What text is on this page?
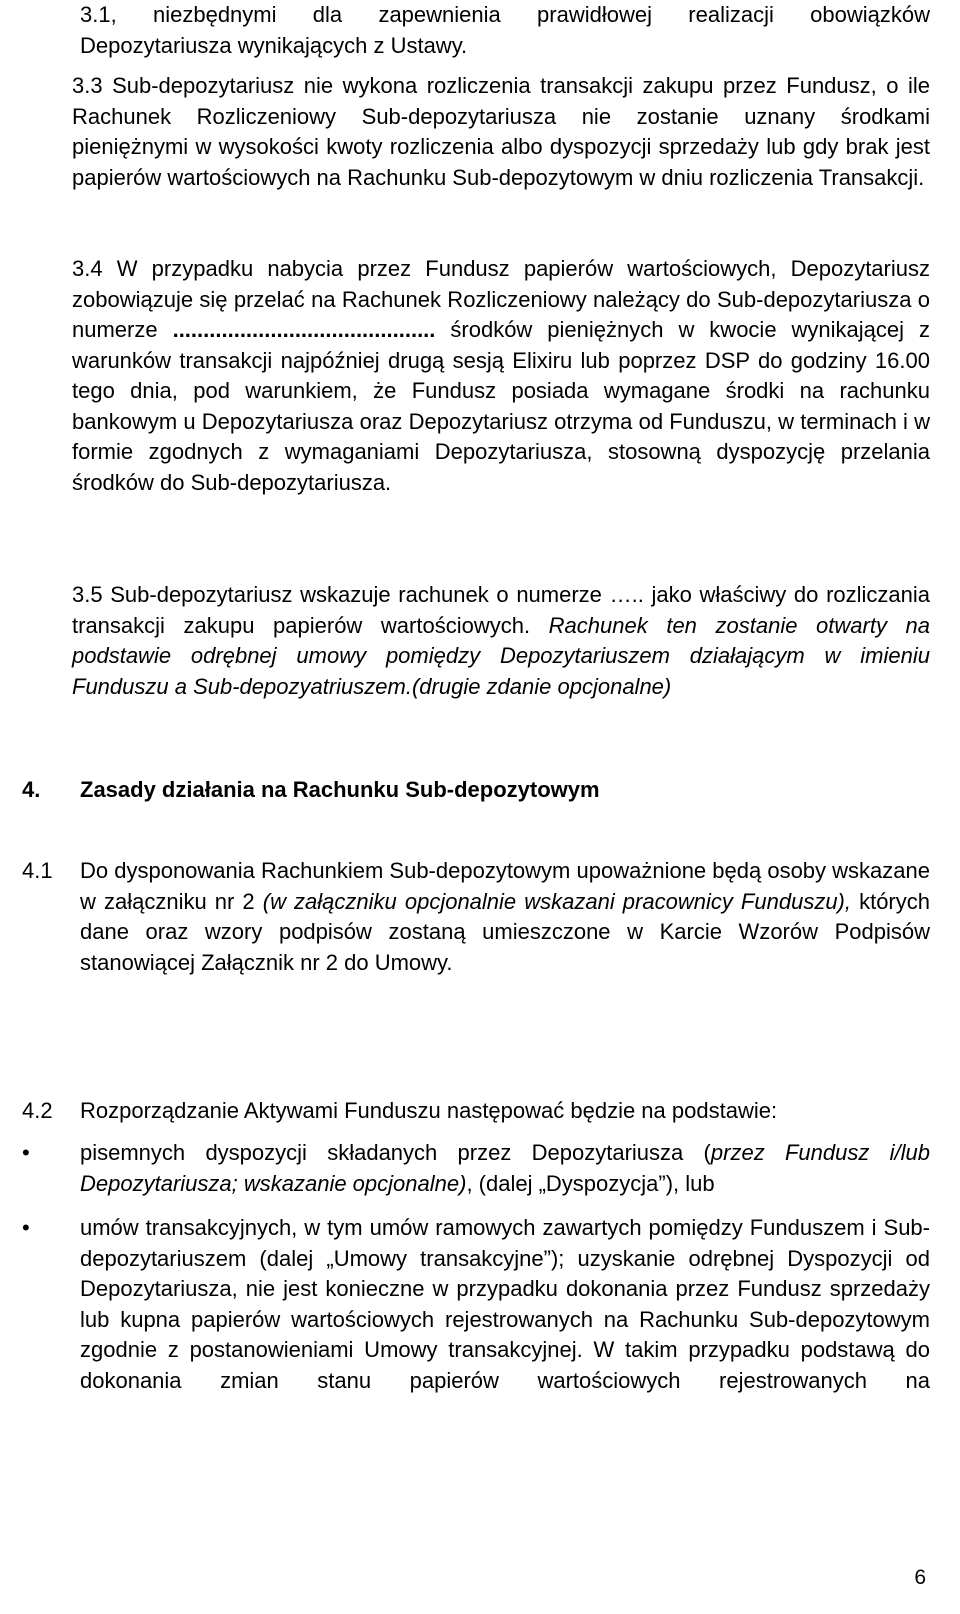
3.1, niezbędnymi dla zapewnienia prawidłowej realizacji obowiązków

Depozytariusza wynikających z Ustawy.

3.3 Sub-depozytariusz nie wykona rozliczenia transakcji zakupu przez Fundusz, o ile Rachunek Rozliczeniowy Sub-depozytariusza nie zostanie uznany środkami pieniężnymi w wysokości kwoty rozliczenia albo dyspozycji sprzedaży lub gdy brak jest papierów wartościowych na Rachunku Sub-depozytowym w dniu rozliczenia Transakcji.

3.4 W przypadku nabycia przez Fundusz papierów wartościowych, Depozytariusz zobowiązuje się przelać na Rachunek Rozliczeniowy należący do Sub-depozytariusza o numerze ........................................... środków pieniężnych w kwocie wynikającej z warunków transakcji najpóźniej drugą sesją Elixiru lub poprzez DSP do godziny 16.00 tego dnia, pod warunkiem, że Fundusz posiada wymagane środki na rachunku bankowym u Depozytariusza oraz Depozytariusz otrzyma od Funduszu, w terminach i w formie zgodnych z wymaganiami Depozytariusza, stosowną dyspozycję przelania środków do Sub-depozytariusza.

3.5 Sub-depozytariusz wskazuje rachunek o numerze ….. jako właściwy do rozliczania transakcji zakupu papierów wartościowych. Rachunek ten zostanie otwarty na podstawie odrębnej umowy pomiędzy Depozytariuszem działającym w imieniu Funduszu a Sub-depozyatriuszem.(drugie zdanie opcjonalne)

4. Zasady działania na Rachunku Sub-depozytowym
4.1 Do dysponowania Rachunkiem Sub-depozytowym upoważnione będą osoby wskazane w załączniku nr 2 (w załączniku opcjonalnie wskazani pracownicy Funduszu), których dane oraz wzory podpisów zostaną umieszczone w Karcie Wzorów Podpisów stanowiącej Załącznik nr 2 do Umowy.

4.2 Rozporządzanie Aktywami Funduszu następować będzie na podstawie:

• pisemnych dyspozycji składanych przez Depozytariusza (przez Fundusz i/lub Depozytariusza; wskazanie opcjonalne), (dalej „Dyspozycja”), lub

• umów transakcyjnych, w tym umów ramowych zawartych pomiędzy Funduszem i Sub-depozytariuszem (dalej „Umowy transakcyjne”); uzyskanie odrębnej Dyspozycji od Depozytariusza, nie jest konieczne w przypadku dokonania przez Fundusz sprzedaży lub kupna papierów wartościowych rejestrowanych na Rachunku Sub-depozytowym zgodnie z postanowieniami Umowy transakcyjnej. W takim przypadku podstawą do dokonania zmian stanu papierów wartościowych rejestrowanych na

6
